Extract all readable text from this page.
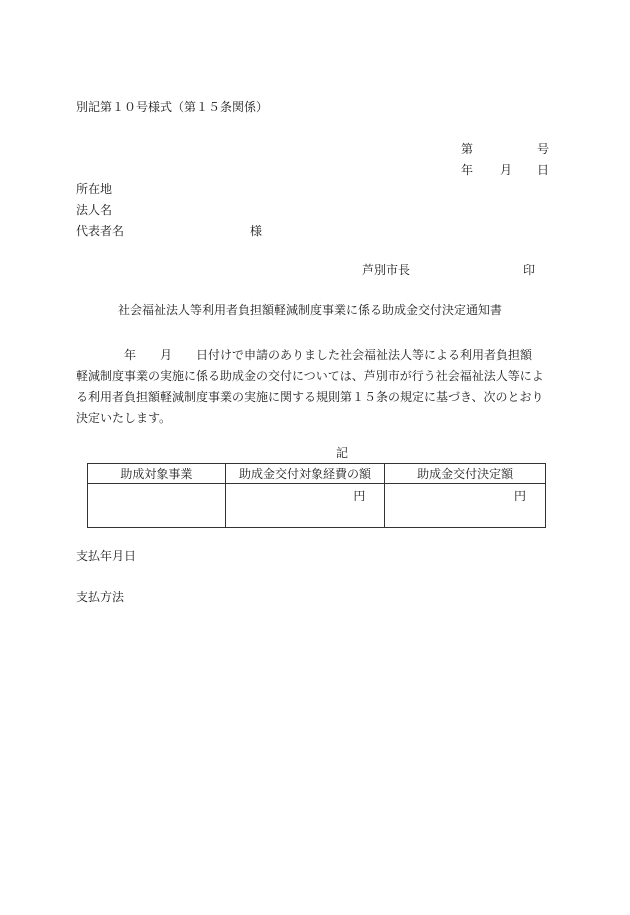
別記第１０号様式（第１５条関係）
第	号
年 月 日
所在地
法人名
代表者名	様
芦別市長	印
社会福祉法人等利用者負担額軽減制度事業に係る助成金交付決定通知書
　　　　年　　月　　日付けで申請のありました社会福祉法人等による利用者負担額
軽減制度事業の実施に係る助成金の交付については、芦別市が行う社会福祉法人等によ
る利用者負担額軽減制度事業の実施に関する規則第１５条の規定に基づき、次のとおり
決定いたします。
記
助成対象事業	助成金交付対象経費の額	助成金交付決定額
	円	円
支払年月日
支払方法
